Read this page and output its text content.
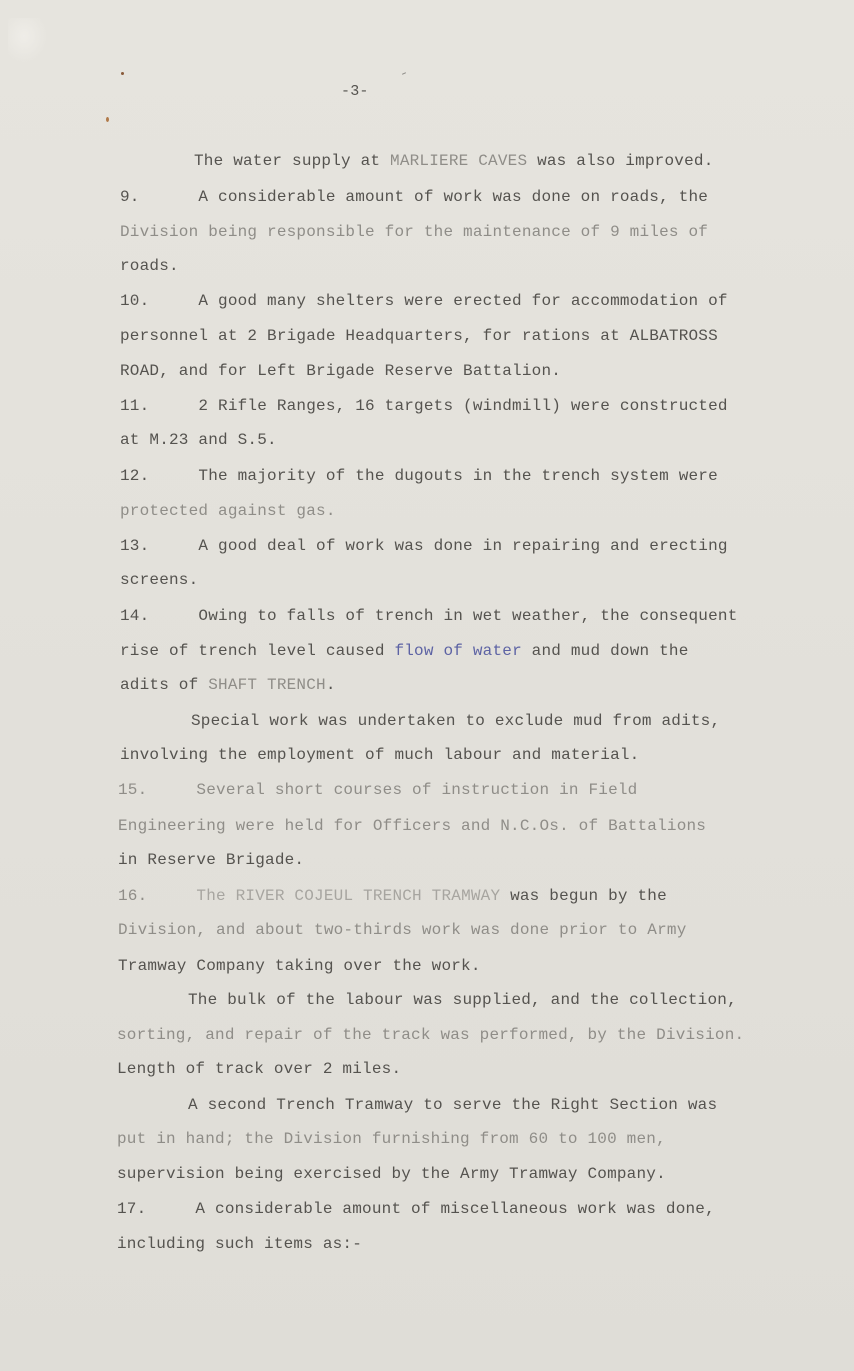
-3-
The water supply at MARLIERE CAVES was also improved.
9.      A considerable amount of work was done on roads, the
Division being responsible for the maintenance of 9 miles of
roads.
10.     A good many shelters were erected for accommodation of
personnel at 2 Brigade Headquarters, for rations at ALBATROSS
ROAD, and for Left Brigade Reserve Battalion.
11.     2 Rifle Ranges, 16 targets (windmill) were constructed
at M.23 and S.5.
12.     The majority of the dugouts in the trench system were
protected against gas.
13.     A good deal of work was done in repairing and erecting
screens.
14.     Owing to falls of trench in wet weather, the consequent
rise of trench level caused flow of water and mud down the
adits of SHAFT TRENCH.
Special work was undertaken to exclude mud from adits,
involving the employment of much labour and material.
15.     Several short courses of instruction in Field
Engineering were held for Officers and N.C.Os. of Battalions
in Reserve Brigade.
16.     The RIVER COJEUL TRENCH TRAMWAY was begun by the
Division, and about two-thirds work was done prior to Army
Tramway Company taking over the work.
The bulk of the labour was supplied, and the collection,
sorting, and repair of the track was performed, by the Division.
Length of track over 2 miles.
A second Trench Tramway to serve the Right Section was
put in hand; the Division furnishing from 60 to 100 men,
supervision being exercised by the Army Tramway Company.
17.     A considerable amount of miscellaneous work was done,
including such items as:-
